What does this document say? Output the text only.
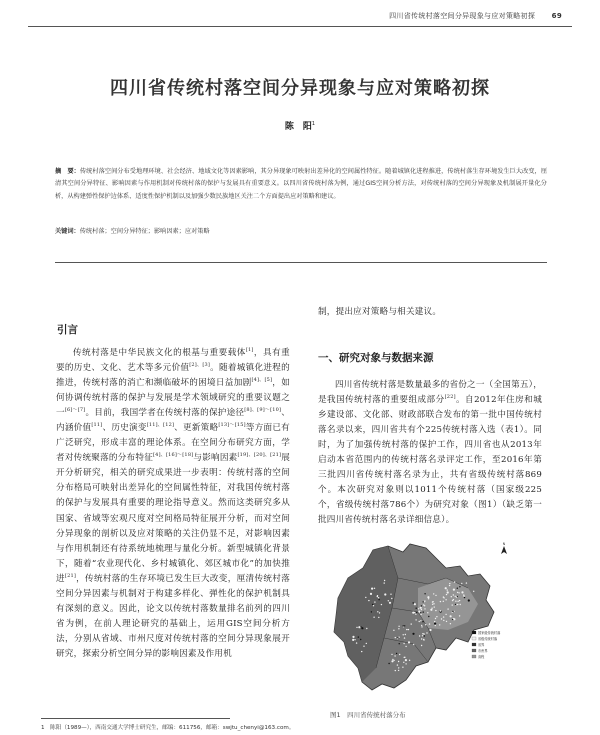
四川省传统村落空间分异现象与应对策略初探 69
四川省传统村落空间分异现象与应对策略初探
陈　阳$^1$
摘　要：传统村落空间分布受地理环境、社会经济、地域文化等因素影响，其分异现象可映射出差异化的空间属性特征。随着城镇化进程推进，传统村落生存环境发生巨大改变，厘清其空间分异特征、影响因素与作用机制对传统村落的保护与发展具有重要意义。以四川省传统村落为例，通过GIS空间分析方法，对传统村落的空间分异现象及机制展开量化分析，从构建弹性保护边体系、适度性保护机制以及加强少数民族地区关注二个方面提出应对策略和建议。
关键词：传统村落；空间分异特征；影响因素；应对策略
制，提出应对策略与相关建议。
引言
传统村落是中华民族文化的根基与重要载体[1]，具有重要的历史、文化、艺术等多元价值[2]、[3]。随着城镇化进程的推进，传统村落的消亡和濒临破坏的困境日益加剧[4]、[5]，如何协调传统村落的保护与发展是学术领域研究的重要议题之一[6]～[7]。目前，我国学者在传统村落的保护途径[8]、[9]～[10]、内涵价值[11]、历史演变[11]、[12]、更新策略[13]～[15]等方面已有广泛研究，形成丰富的理论体系。在空间分布研究方面，学者对传统聚落的分布特征[4]、[16]～[18]与影响因素[19]、[20]、[21]展开分析研究，相关的研究成果进一步表明：传统村落的空间分布格局可映射出差异化的空间属性特征，对我国传统村落的保护与发展具有重要的理论指导意义。然而这类研究多从国家、省域等宏观尺度对空间格局特征展开分析，而对空间分异现象的剖析以及应对策略的关注仍显不足，对影响因素与作用机制还有待系统地梳理与量化分析。新型城镇化背景下，随着“农业现代化、乡村城镇化、郊区城市化”的加快推进[21]，传统村落的生存环境已发生巨大改变，厘清传统村落空间分异因素与机制对于构建多样化、弹性化的保护机制具有深刻的意义。因此，论文以传统村落数量排名前列的四川省为例，在前人理论研究的基础上，运用GIS空间分析方法，分别从省域、市州尺度对传统村落的空间分异现象展开研究，探索分析空间分异的影响因素及作用机
一、研究对象与数据来源
四川省传统村落是数量最多的省份之一（全国第五），是我国传统村落的重要组成部分[22]。自2012年住房和城乡建设部、文化部、财政部联合发布的第一批中国传统村落名录以来，四川省共有个225传统村落入选（表1）。同时，为了加强传统村落的保护工作，四川省也从2013年启动本省范围内的传统村落名录评定工作，至2016年第三批四川省传统村落名录为止，共有省级传统村落869个。本次研究对象则以1011个传统村落（国家级225个，省级传统村落786个）为研究对象（图1）（缺乏第一批四川省传统村落名录详细信息）。
国家级传统村落
省级传统村落
省界
市州界
高程
N
图1　四川省传统村落分布
1　陈阳（1989—），西南交通大学博士研究生，邮编：611756，邮箱：swjtu_chenyi@163.com。
